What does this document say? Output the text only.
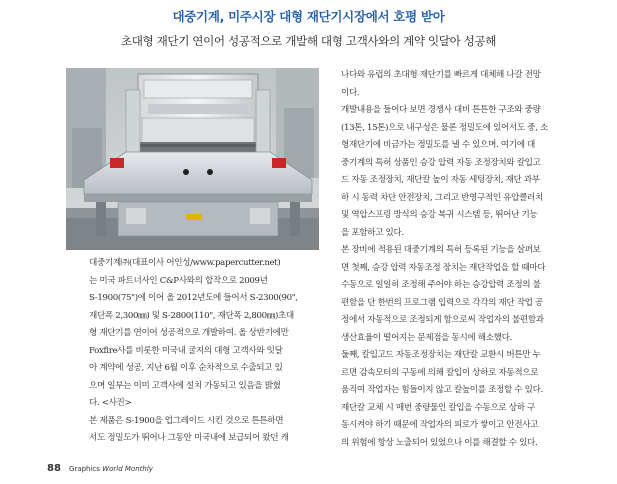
대중기계, 미주시장 대형 재단기시장에서 호평 받아
초대형 재단기 연이어 성공적으로 개발해 대형 고객사와의 계약 잇달아 성공해
대중기계㈜(대표이사 어인성/www.papercutter.net)
는 미국 파트너사인 C&P사와의 합작으로 2009년
S-1900(75")에 이어 올 2012년도에 들어서 S-2300(90",
재단폭 2,300㎜) 및 S-2800(110", 재단폭 2,800㎜)초대
형 재단기를 연이어 성공적으로 개발하여. 올 상반기에만
Foxfire사를 비롯한 미국내 굴지의 대형 고객사와 잇달
아 계약에 성공, 지난 6월 이후 순차적으로 수출되고 있
으며 일부는 이미 고객사에 설치 가동되고 있음을 밝혔
다. <사진>
본 제품은 S-1900을 업그레이드 시킨 것으로 튼튼하면
서도 정밀도가 뛰어나 그동안 미국내에 보급되어 왔던 캐
나다와 유럽의 초대형 재단기를 빠르게 대체해 나갈 전망
이다.
개발내용을 들어다 보면 경쟁사 대비 튼튼한 구조와 중량
(13톤, 15톤)으로 내구성은 물론 정밀도에 있어서도 중, 소
형재단기에 비금가는 정밀도를 낼 수 있으며. 여기에 대
중기계의 특허 상품인 승강 압력 자동 조정장치와 칼입고
드 자동 조정장치, 재단칼 높이 자동 세팅장치, 재단 과부
하 시 동력 차단 안전장치, 그리고 반영구적인 유압클러치
및 역압스프링 방식의 승강 복귀 시스템 등, 뛰어난 기능
을 포함하고 있다.
본 장비에 적용된 대중기계의 특허 등록된 기능을 살펴보
면 첫째, 승강 압력 자동조정 장치는 재단작업을 할 때마다
수동으로 일일히 조정해 주어야 하는 승강압력 조정의 불
편함을 단 한번의 프로그램 입력으로 각각의 재단 작업 공
정에서 자동적으로 조정되게 함으로써 작업자의 불편함과
생산효율이 떨어지는 문제점을 동시에 해소했다.
둘째, 칼입고드 자동조정장치는 재단칼 교환시 버튼만 누
르면 감속모터의 구동에 의해 칼입이 상하로 자동적으로
움직여 작업자는 힘들이지 않고 칼높이를 조정할 수 있다.
재단칼 교체 시 매번 중량물인 칼입을 수동으로 상하 구
동시켜야 하기 때문에 작업자의 피로가 쌓이고 안전사고
의 위험에 항상 노출되어 있었으나 이를 해결할 수 있다.
88 Graphics World Monthly
